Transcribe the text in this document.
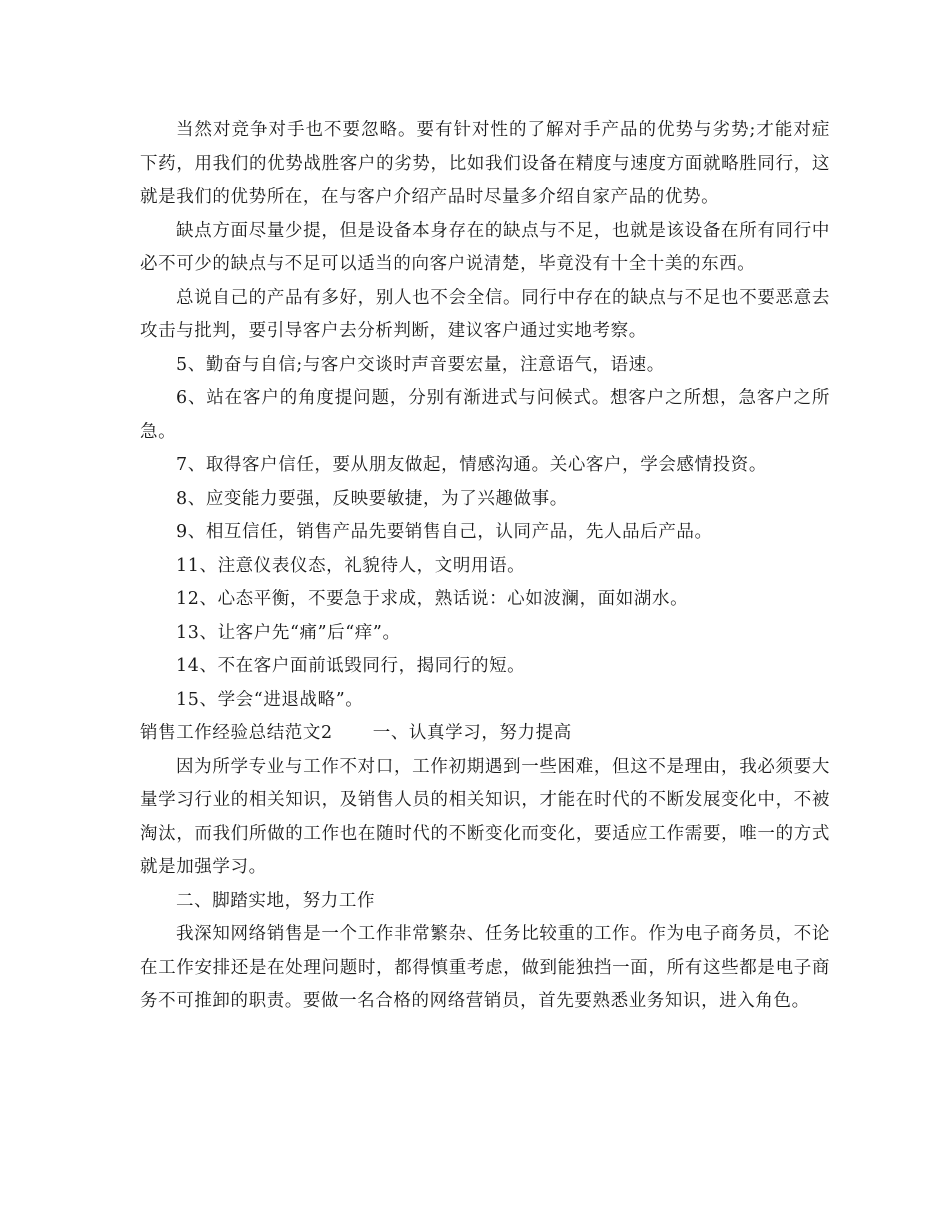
当然对竞争对手也不要忽略。要有针对性的了解对手产品的优势与劣势;才能对症下药，用我们的优势战胜客户的劣势，比如我们设备在精度与速度方面就略胜同行，这就是我们的优势所在，在与客户介绍产品时尽量多介绍自家产品的优势。

缺点方面尽量少提，但是设备本身存在的缺点与不足，也就是该设备在所有同行中必不可少的缺点与不足可以适当的向客户说清楚，毕竟没有十全十美的东西。

总说自己的产品有多好，别人也不会全信。同行中存在的缺点与不足也不要恶意去攻击与批判，要引导客户去分析判断，建议客户通过实地考察。

5、勤奋与自信;与客户交谈时声音要宏量，注意语气，语速。

6、站在客户的角度提问题，分别有渐进式与问候式。想客户之所想，急客户之所急。

7、取得客户信任，要从朋友做起，情感沟通。关心客户，学会感情投资。

8、应变能力要强，反映要敏捷，为了兴趣做事。

9、相互信任，销售产品先要销售自己，认同产品，先人品后产品。

11、注意仪表仪态，礼貌待人，文明用语。

12、心态平衡，不要急于求成，熟话说：心如波澜，面如湖水。

13、让客户先“痛”后“痒”。

14、不在客户面前诋毁同行，揭同行的短。

15、学会“进退战略”。

销售工作经验总结范文2 一、认真学习，努力提高

因为所学专业与工作不对口，工作初期遇到一些困难，但这不是理由，我必须要大量学习行业的相关知识，及销售人员的相关知识，才能在时代的不断发展变化中，不被淘汰，而我们所做的工作也在随时代的不断变化而变化，要适应工作需要，唯一的方式就是加强学习。

二、脚踏实地，努力工作

我深知网络销售是一个工作非常繁杂、任务比较重的工作。作为电子商务员，不论在工作安排还是在处理问题时，都得慎重考虑，做到能独挡一面，所有这些都是电子商务不可推卸的职责。要做一名合格的网络营销员，首先要熟悉业务知识，进入角色。
